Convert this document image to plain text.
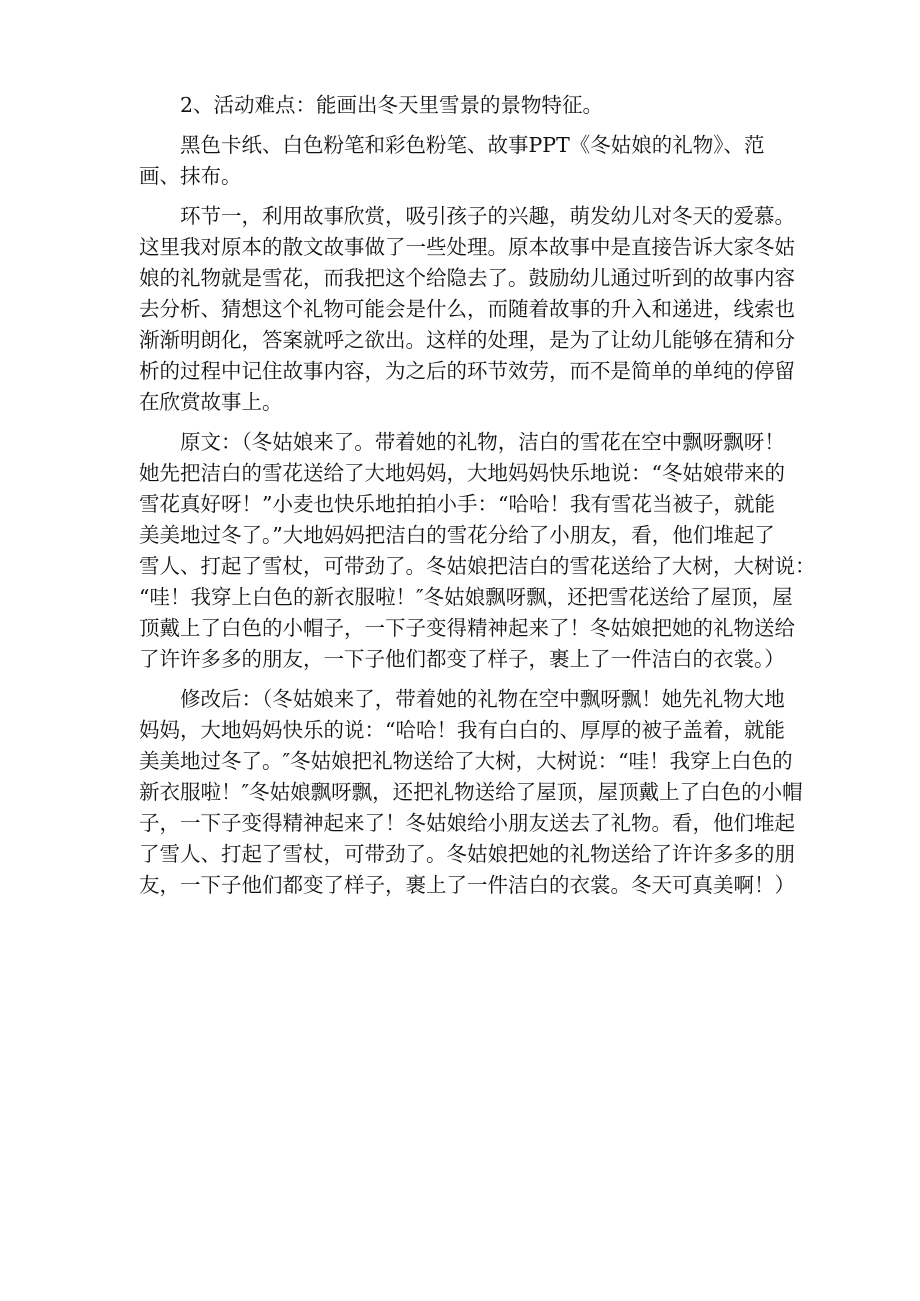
2、活动难点：能画出冬天里雪景的景物特征。
黑色卡纸、白色粉笔和彩色粉笔、故事PPT《冬姑娘的礼物》、范
画、抹布。
环节一，利用故事欣赏，吸引孩子的兴趣，萌发幼儿对冬天的爱慕。
这里我对原本的散文故事做了一些处理。原本故事中是直接告诉大家冬姑
娘的礼物就是雪花，而我把这个给隐去了。鼓励幼儿通过听到的故事内容
去分析、猜想这个礼物可能会是什么，而随着故事的升入和递进，线索也
渐渐明朗化，答案就呼之欲出。这样的处理，是为了让幼儿能够在猜和分
析的过程中记住故事内容，为之后的环节效劳，而不是简单的单纯的停留
在欣赏故事上。
原文：（冬姑娘来了。带着她的礼物，洁白的雪花在空中飘呀飘呀！
她先把洁白的雪花送给了大地妈妈，大地妈妈快乐地说：“冬姑娘带来的
雪花真好呀！”小麦也快乐地拍拍小手：“哈哈！我有雪花当被子，就能
美美地过冬了。”大地妈妈把洁白的雪花分给了小朋友，看，他们堆起了
雪人、打起了雪杖，可带劲了。冬姑娘把洁白的雪花送给了大树，大树说：
“哇！我穿上白色的新衣服啦！″冬姑娘飘呀飘，还把雪花送给了屋顶，屋
顶戴上了白色的小帽子，一下子变得精神起来了！冬姑娘把她的礼物送给
了许许多多的朋友，一下子他们都变了样子，裹上了一件洁白的衣裳。）
修改后：（冬姑娘来了，带着她的礼物在空中飘呀飘！她先礼物大地
妈妈，大地妈妈快乐的说：“哈哈！我有白白的、厚厚的被子盖着，就能
美美地过冬了。″冬姑娘把礼物送给了大树，大树说：“哇！我穿上白色的
新衣服啦！″冬姑娘飘呀飘，还把礼物送给了屋顶，屋顶戴上了白色的小帽
子，一下子变得精神起来了！冬姑娘给小朋友送去了礼物。看，他们堆起
了雪人、打起了雪杖，可带劲了。冬姑娘把她的礼物送给了许许多多的朋
友，一下子他们都变了样子，裹上了一件洁白的衣裳。冬天可真美啊！）
